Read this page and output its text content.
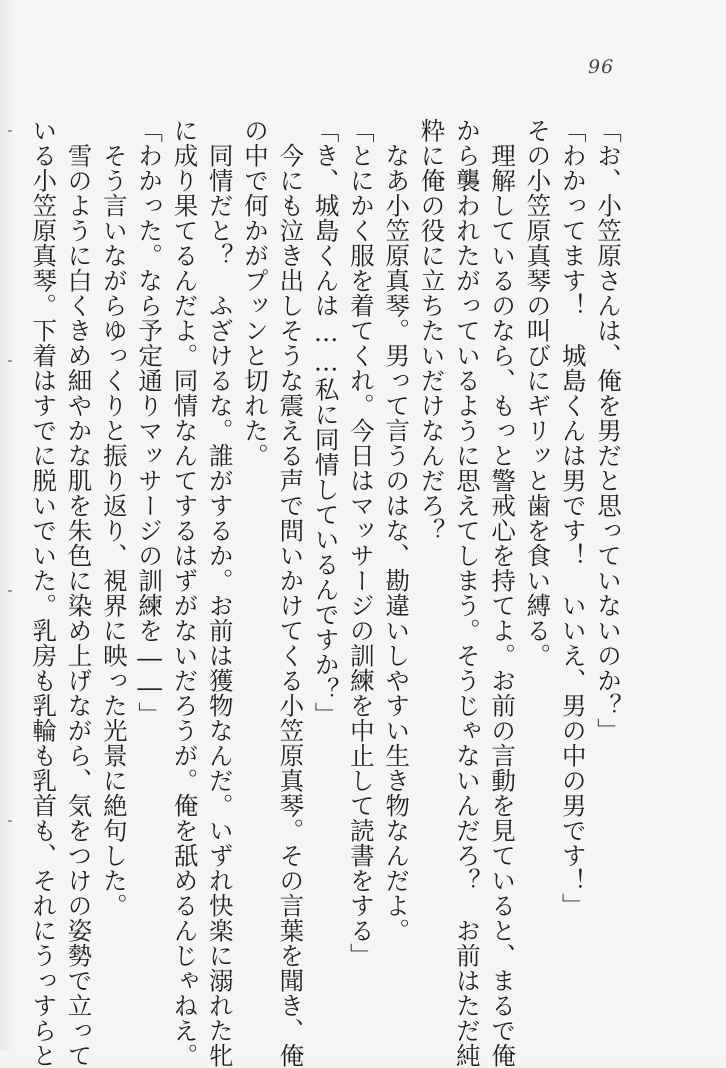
96

「お、小笠原さんは、俺を男だと思っていないのか？」

「わかってます！　城島くんは男です！　いいえ、男の中の男です！」

その小笠原真琴の叫びにギリッと歯を食い縛る。

　理解しているのなら、もっと警戒心を持てよ。お前の言動を見ていると、まるで俺

から襲われたがっているように思えてしまう。そうじゃないんだろ？　お前はただ純

粋に俺の役に立ちたいだけなんだろ？

　なあ小笠原真琴。男って言うのはな、勘違いしやすい生き物なんだよ。

「とにかく服を着てくれ。今日はマッサージの訓練を中止して読書をする」

「き、城島くんは……私に同情しているんですか？」

　今にも泣き出しそうな震える声で問いかけてくる小笠原真琴。その言葉を聞き、俺

の中で何かがプッンと切れた。

　同情だと？　ふざけるな。誰がするか。お前は獲物なんだ。いずれ快楽に溺れた牝

に成り果てるんだよ。同情なんてするはずがないだろうが。俺を舐めるんじゃねえ。

「わかった。なら予定通りマッサージの訓練を――」

　そう言いながらゆっくりと振り返り、視界に映った光景に絶句した。

　雪のように白くきめ細やかな肌を朱色に染め上げながら、気をつけの姿勢で立って

いる小笠原真琴。下着はすでに脱いでいた。乳房も乳輪も乳首も、それにうっすらと
